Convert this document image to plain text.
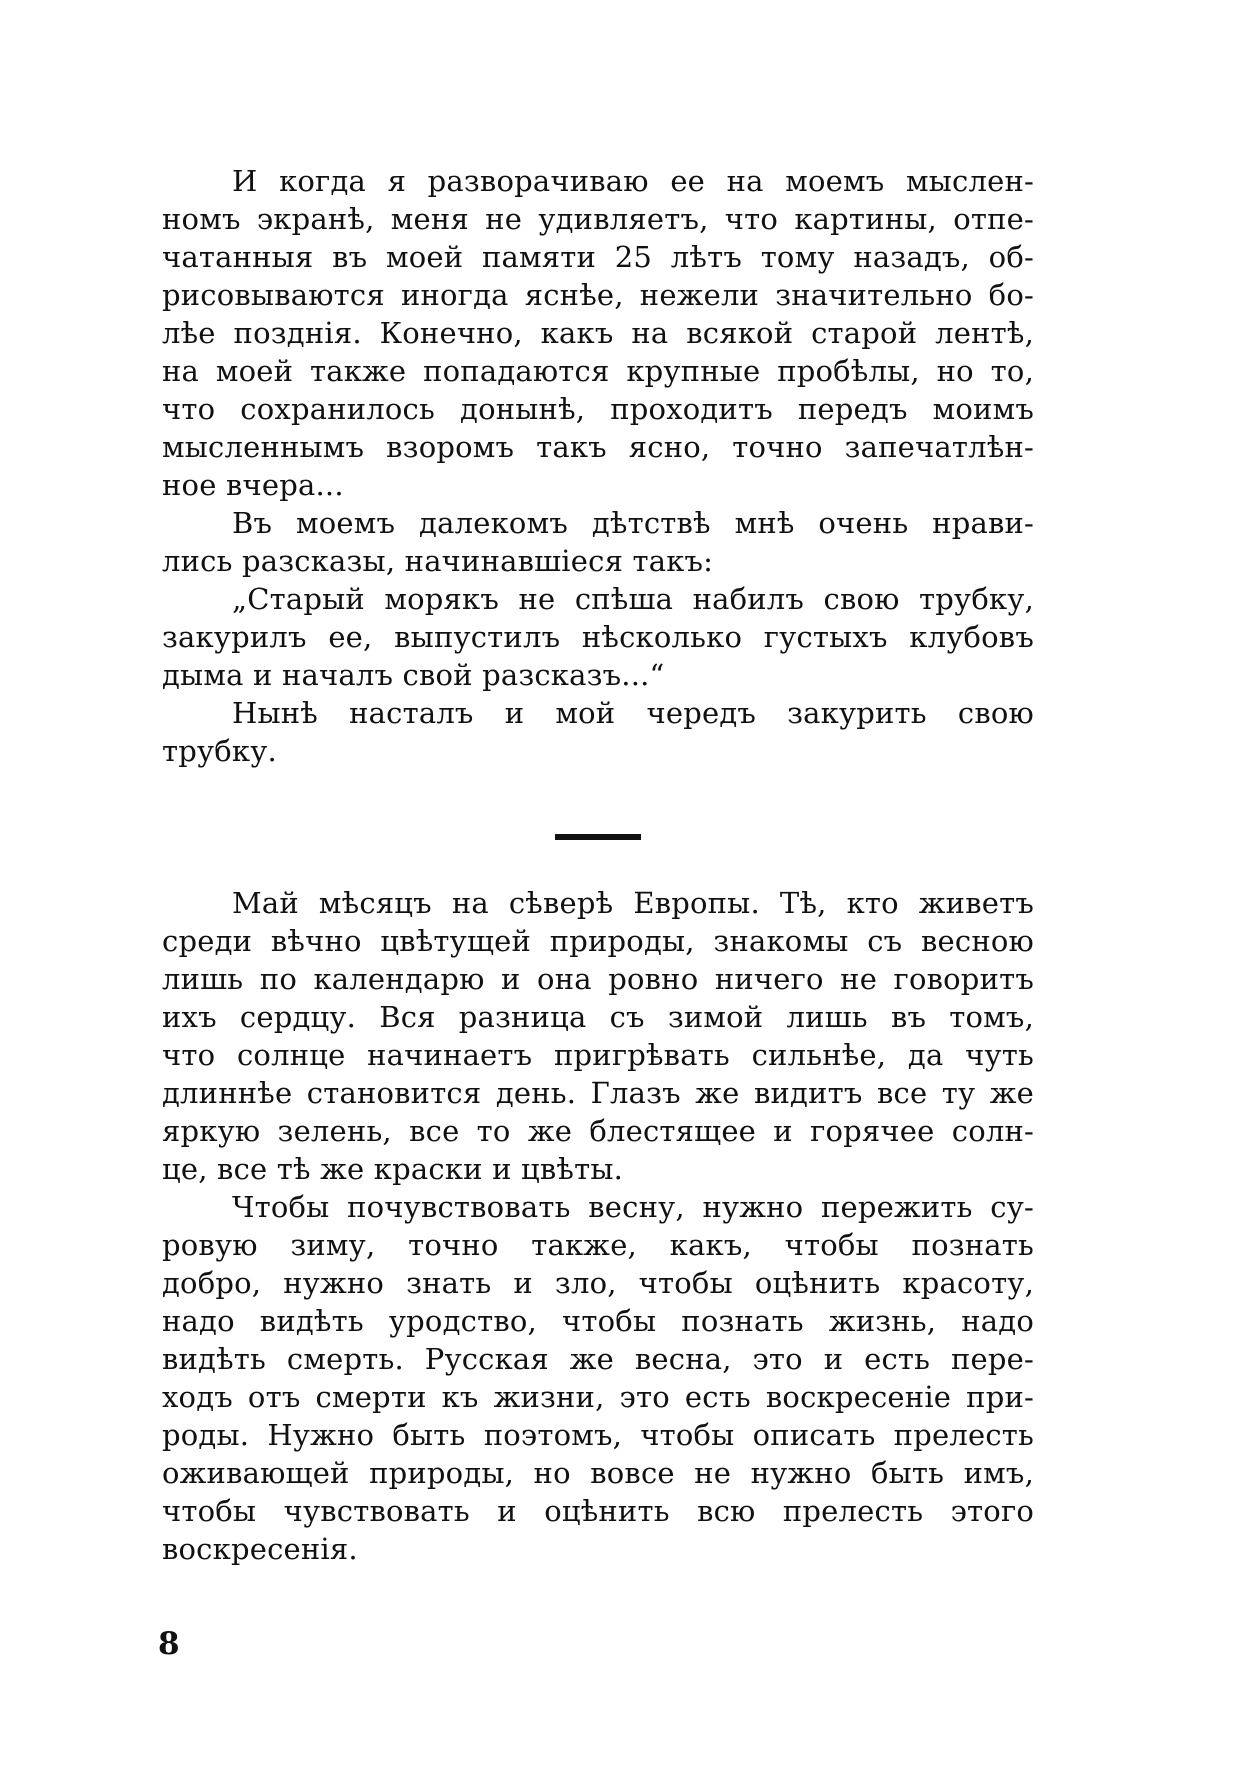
И когда я разворачиваю ее на моемъ мыслен-
номъ экранѣ, меня не удивляетъ, что картины, отпе-
чатанныя въ моей памяти 25 лѣтъ тому назадъ, об-
рисовываются иногда яснѣе, нежели значительно бо-
лѣе позднія. Конечно, какъ на всякой старой лентѣ,
на моей также попадаются крупные пробѣлы, но то,
что сохранилось донынѣ, проходитъ передъ моимъ
мысленнымъ взоромъ такъ ясно, точно запечатлѣн-
ное вчера...
Въ моемъ далекомъ дѣтствѣ мнѣ очень нрави-
лись разсказы, начинавшіеся такъ:
„Старый морякъ не спѣша набилъ свою трубку,
закурилъ ее, выпустилъ нѣсколько густыхъ клубовъ
дыма и началъ свой разсказъ...“
Нынѣ насталъ и мой чередъ закурить свою
трубку.
Май мѣсяцъ на сѣверѣ Европы. Тѣ, кто живетъ
среди вѣчно цвѣтущей природы, знакомы съ весною
лишь по календарю и она ровно ничего не говоритъ
ихъ сердцу. Вся разница съ зимой лишь въ томъ,
что солнце начинаетъ пригрѣвать сильнѣе, да чуть
длиннѣе становится день. Глазъ же видитъ все ту же
яркую зелень, все то же блестящее и горячее солн-
це, все тѣ же краски и цвѣты.
Чтобы почувствовать весну, нужно пережить су-
ровую зиму, точно также, какъ, чтобы познать
добро, нужно знать и зло, чтобы оцѣнить красоту,
надо видѣть уродство, чтобы познать жизнь, надо
видѣть смерть. Русская же весна, это и есть пере-
ходъ отъ смерти къ жизни, это есть воскресеніе при-
роды. Нужно быть поэтомъ, чтобы описать прелесть
оживающей природы, но вовсе не нужно быть имъ,
чтобы чувствовать и оцѣнить всю прелесть этого
воскресенія.
8
